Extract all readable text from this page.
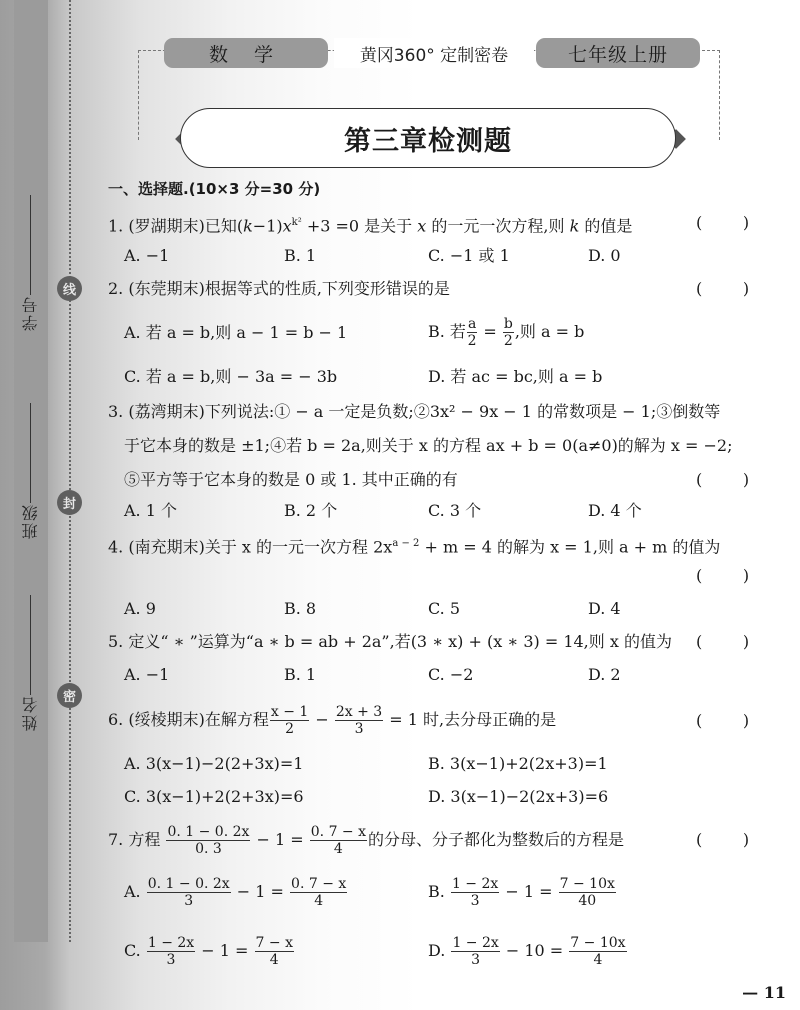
学号
班级
姓名
线
封
密
数 学	黄冈360° 定制密卷	七年级上册
第三章检测题
一、选择题.(10×3 分=30 分)
1. (罗湖期末)已知$(k-1)x^{k^2} +3 =0$ 是关于 x 的一元一次方程,则 k 的值是	(        )
A. −1	B. 1	C. −1 或 1	D. 0
2. (东莞期末)根据等式的性质,下列变形错误的是	(        )
A. 若 a = b,则 a − 1 = b − 1	B. 若 $\frac{a}{2} = \frac{b}{2}$ ,则 a = b
C. 若 a = b,则 − 3a = − 3b	D. 若 ac = bc,则 a = b
3. (荔湾期末)下列说法:① − a 一定是负数;②3x² − 9x − 1 的常数项是 − 1;③倒数等
于它本身的数是 ±1;④若 b = 2a,则关于 x 的方程 ax + b = 0(a≠0)的解为 x = −2;
⑤平方等于它本身的数是 0 或 1. 其中正确的有	(        )
A. 1 个	B. 2 个	C. 3 个	D. 4 个
4. (南充期末)关于 x 的一元一次方程 $2x^{a - 2} + m = 4$ 的解为 x = 1,则 a + m 的值为
(        )
A. 9	B. 8	C. 5	D. 4
5. 定义“ ∗ ”运算为“a ∗ b = ab + 2a”,若(3 ∗ x) + (x ∗ 3) = 14,则 x 的值为 (        )
A. −1	B. 1	C. −2	D. 2
6. (绥棱期末)在解方程 $\frac{x - 1}{2} - \frac{2x + 3}{3} = 1$ 时,去分母正确的是	(        )
A. 3(x−1)−2(2+3x)=1	B. 3(x−1)+2(2x+3)=1
C. 3(x−1)+2(2+3x)=6	D. 3(x−1)−2(2x+3)=6
7. 方程 $\frac{0. 1 - 0. 2x}{0. 3} - 1 = \frac{0. 7 - x}{4}$ 的分母、分子都化为整数后的方程是	(        )
A. $\frac{0. 1 - 0. 2x}{3} - 1 = \frac{0. 7 - x}{4}$	B. $\frac{1 - 2x}{3} - 1 = \frac{7 - 10x}{40}$
C. $\frac{1 - 2x}{3} - 1 = \frac{7 - x}{4}$	D. $\frac{1 - 2x}{3} - 10 = \frac{7 - 10x}{4}$
— 11
